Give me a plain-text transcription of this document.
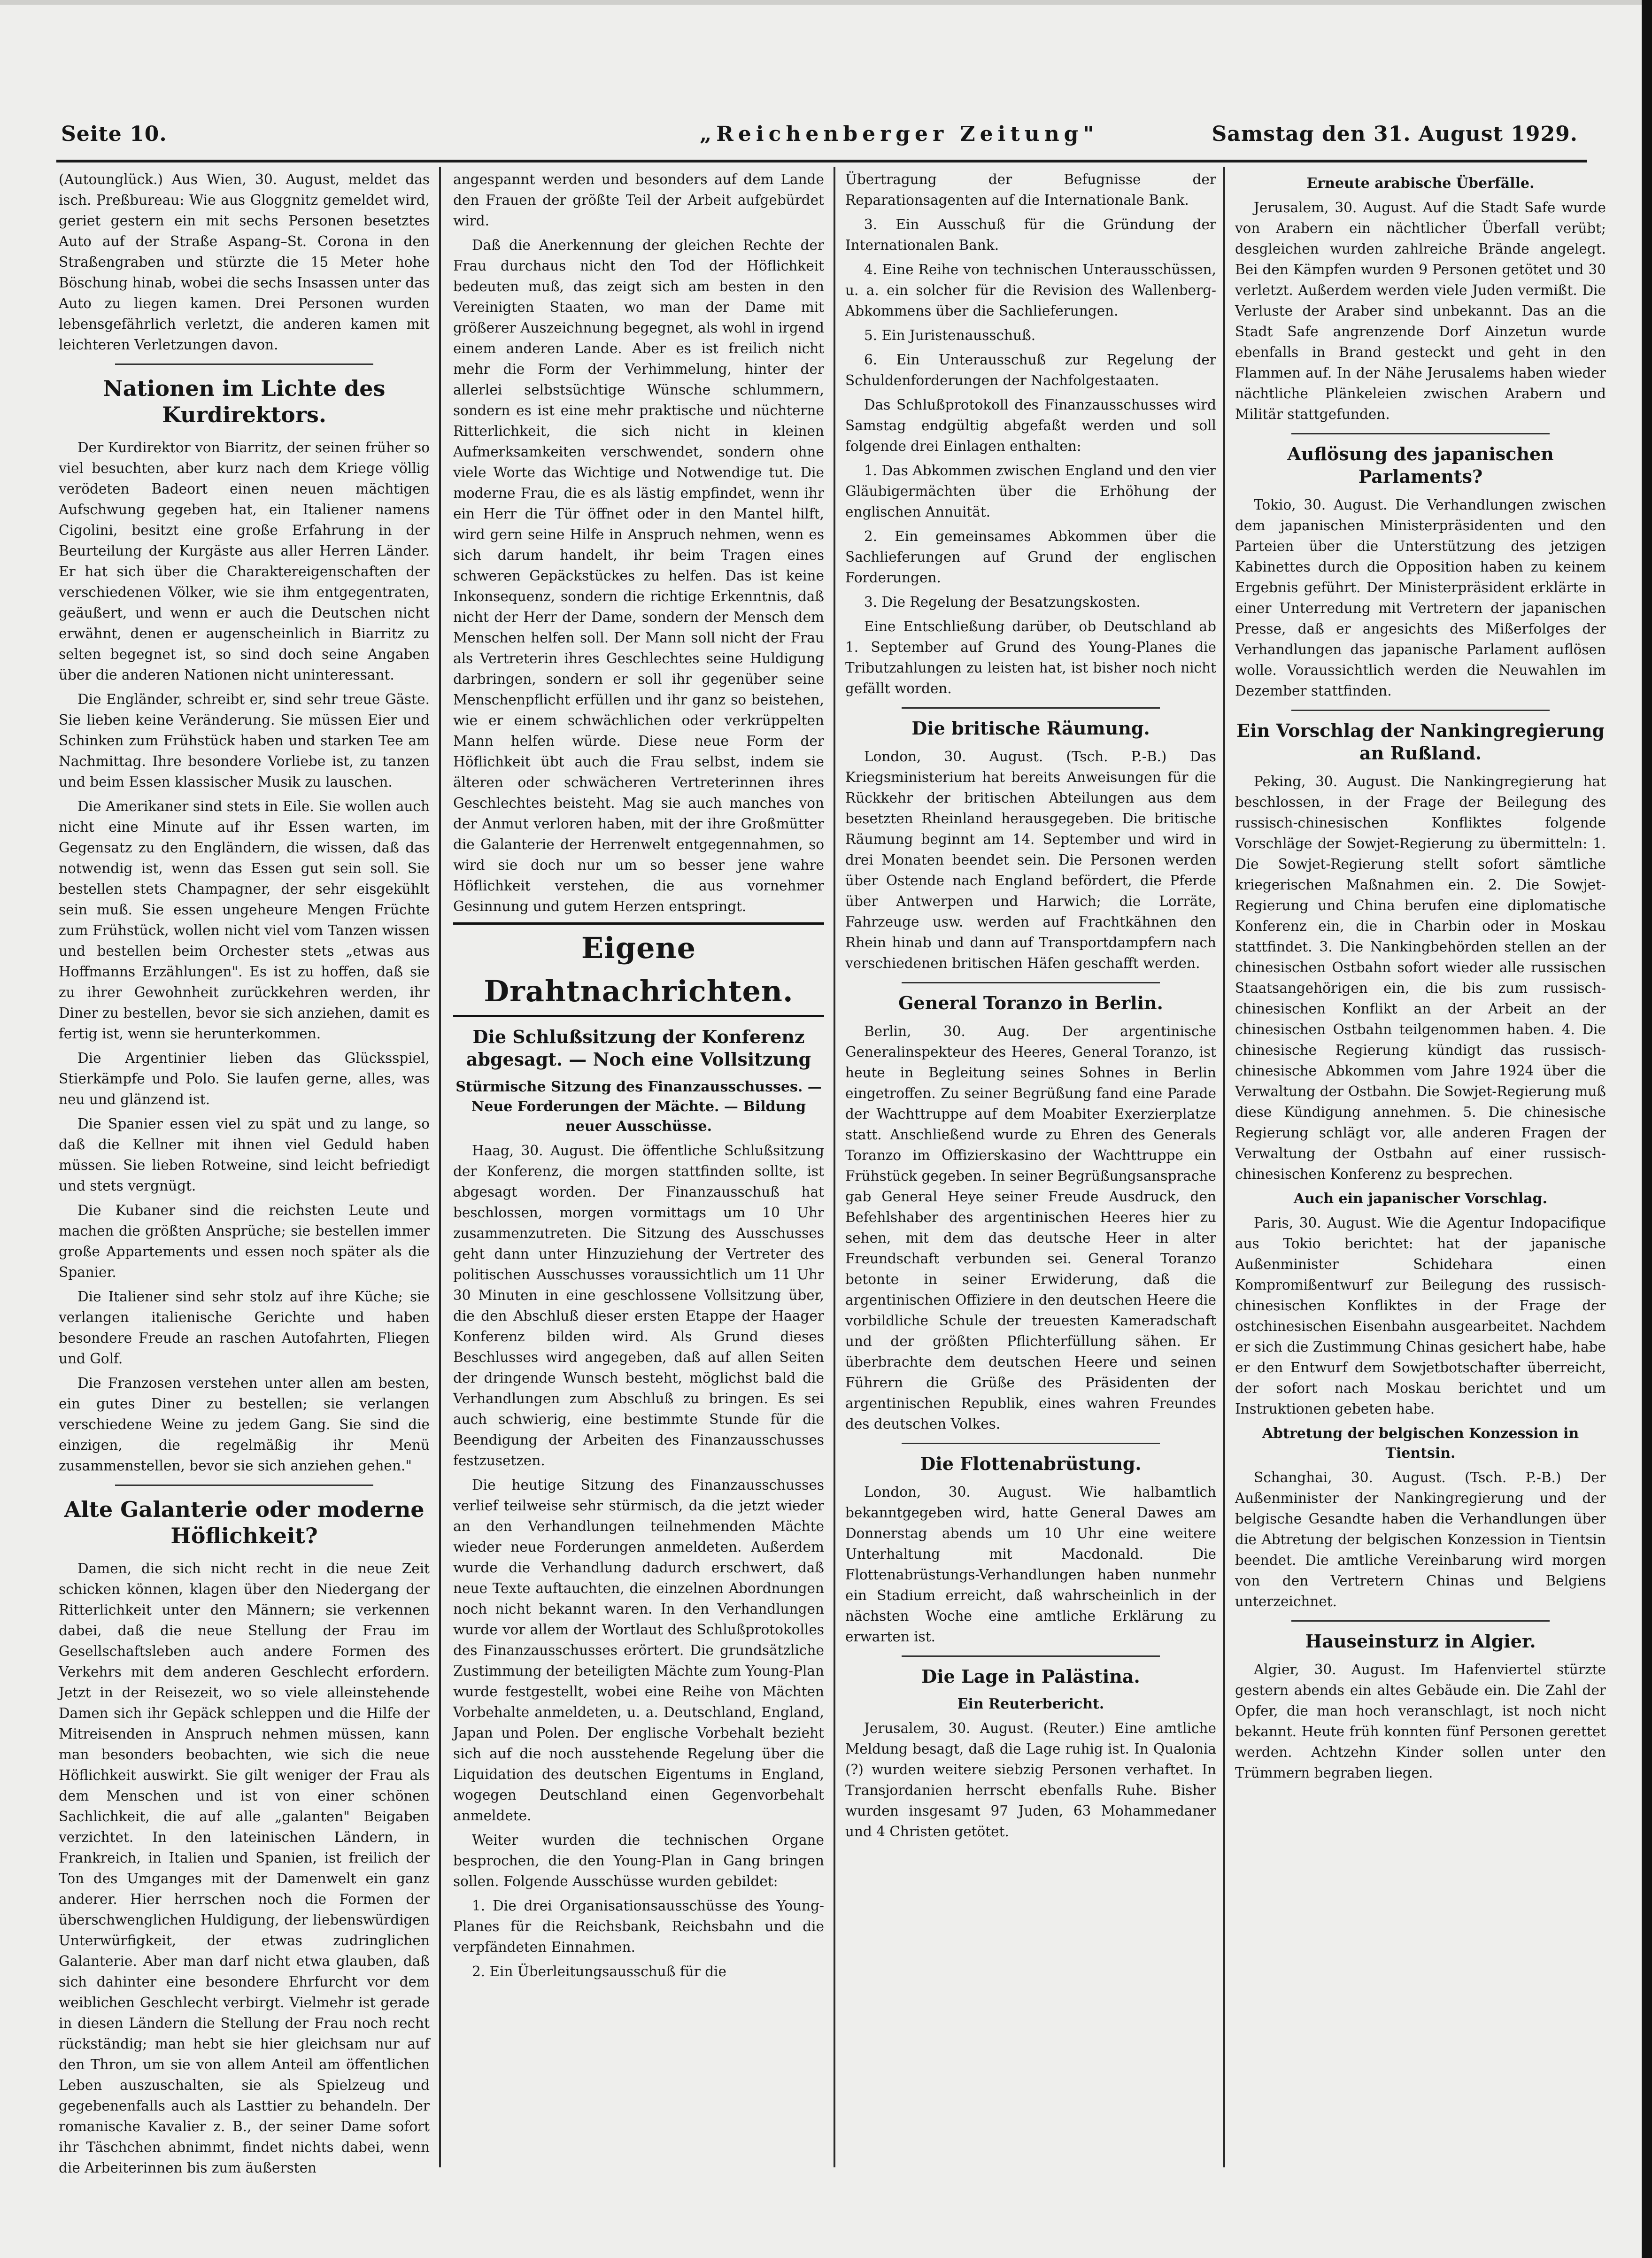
Seite 10.	„Reichenberger Zeitung"	Samstag den 31. August 1929.

(Autounglück.) Aus Wien, 30. August, meldet das isch. Preßbureau: Wie aus Gloggnitz gemeldet wird, geriet gestern ein mit sechs Personen besetztes Auto auf der Straße Aspang–St. Corona in den Straßengraben und stürzte die 15 Meter hohe Böschung hinab, wobei die sechs Insassen unter das Auto zu liegen kamen. Drei Personen wurden lebensgefährlich verletzt, die anderen kamen mit leichteren Verletzungen davon.

Nationen im Lichte des Kurdirektors.

Der Kurdirektor von Biarritz, der seinen früher so viel besuchten, aber kurz nach dem Kriege völlig verödeten Badeort einen neuen mächtigen Aufschwung gegeben hat, ein Italiener namens Cigolini, besitzt eine große Erfahrung in der Beurteilung der Kurgäste aus aller Herren Länder. Er hat sich über die Charaktereigenschaften der verschiedenen Völker, wie sie ihm entgegentraten, geäußert, und wenn er auch die Deutschen nicht erwähnt, denen er augenscheinlich in Biarritz zu selten begegnet ist, so sind doch seine Angaben über die anderen Nationen nicht uninteressant.

Die Engländer, schreibt er, sind sehr treue Gäste. Sie lieben keine Veränderung. Sie müssen Eier und Schinken zum Frühstück haben und starken Tee am Nachmittag. Ihre besondere Vorliebe ist, zu tanzen und beim Essen klassischer Musik zu lauschen.

Die Amerikaner sind stets in Eile. Sie wollen auch nicht eine Minute auf ihr Essen warten, im Gegensatz zu den Engländern, die wissen, daß das notwendig ist, wenn das Essen gut sein soll. Sie bestellen stets Champagner, der sehr eisgekühlt sein muß. Sie essen ungeheure Mengen Früchte zum Frühstück, wollen nicht viel vom Tanzen wissen und bestellen beim Orchester stets „etwas aus Hoffmanns Erzählungen". Es ist zu hoffen, daß sie zu ihrer Gewohnheit zurückkehren werden, ihr Diner zu bestellen, bevor sie sich anziehen, damit es fertig ist, wenn sie herunterkommen.

Die Argentinier lieben das Glücksspiel, Stierkämpfe und Polo. Sie laufen gerne, alles, was neu und glänzend ist.

Die Spanier essen viel zu spät und zu lange, so daß die Kellner mit ihnen viel Geduld haben müssen. Sie lieben Rotweine, sind leicht befriedigt und stets vergnügt.

Die Kubaner sind die reichsten Leute und machen die größten Ansprüche; sie bestellen immer große Appartements und essen noch später als die Spanier.

Die Italiener sind sehr stolz auf ihre Küche; sie verlangen italienische Gerichte und haben besondere Freude an raschen Autofahrten, Fliegen und Golf.

Die Franzosen verstehen unter allen am besten, ein gutes Diner zu bestellen; sie verlangen verschiedene Weine zu jedem Gang. Sie sind die einzigen, die regelmäßig ihr Menü zusammenstellen, bevor sie sich anziehen gehen."

Alte Galanterie oder moderne Höflichkeit?

Damen, die sich nicht recht in die neue Zeit schicken können, klagen über den Niedergang der Ritterlichkeit unter den Männern; sie verkennen dabei, daß die neue Stellung der Frau im Gesellschaftsleben auch andere Formen des Verkehrs mit dem anderen Geschlecht erfordern. Jetzt in der Reisezeit, wo so viele alleinstehende Damen sich ihr Gepäck schleppen und die Hilfe der Mitreisenden in Anspruch nehmen müssen, kann man besonders beobachten, wie sich die neue Höflichkeit auswirkt. Sie gilt weniger der Frau als dem Menschen und ist von einer schönen Sachlichkeit, die auf alle „galanten" Beigaben verzichtet. In den lateinischen Ländern, in Frankreich, in Italien und Spanien, ist freilich der Ton des Umganges mit der Damenwelt ein ganz anderer. Hier herrschen noch die Formen der überschwenglichen Huldigung, der liebenswürdigen Unterwürfigkeit, der etwas zudringlichen Galanterie. Aber man darf nicht etwa glauben, daß sich dahinter eine besondere Ehrfurcht vor dem weiblichen Geschlecht verbirgt. Vielmehr ist gerade in diesen Ländern die Stellung der Frau noch recht rückständig; man hebt sie hier gleichsam nur auf den Thron, um sie von allem Anteil am öffentlichen Leben auszuschalten, sie als Spielzeug und gegebenenfalls auch als Lasttier zu behandeln. Der romanische Kavalier z. B., der seiner Dame sofort ihr Täschchen abnimmt, findet nichts dabei, wenn die Arbeiterinnen bis zum äußersten

angespannt werden und besonders auf dem Lande den Frauen der größte Teil der Arbeit aufgebürdet wird.

Daß die Anerkennung der gleichen Rechte der Frau durchaus nicht den Tod der Höflichkeit bedeuten muß, das zeigt sich am besten in den Vereinigten Staaten, wo man der Dame mit größerer Auszeichnung begegnet, als wohl in irgend einem anderen Lande. Aber es ist freilich nicht mehr die Form der Verhimmelung, hinter der allerlei selbstsüchtige Wünsche schlummern, sondern es ist eine mehr praktische und nüchterne Ritterlichkeit, die sich nicht in kleinen Aufmerksamkeiten verschwendet, sondern ohne viele Worte das Wichtige und Notwendige tut. Die moderne Frau, die es als lästig empfindet, wenn ihr ein Herr die Tür öffnet oder in den Mantel hilft, wird gern seine Hilfe in Anspruch nehmen, wenn es sich darum handelt, ihr beim Tragen eines schweren Gepäckstückes zu helfen. Das ist keine Inkonsequenz, sondern die richtige Erkenntnis, daß nicht der Herr der Dame, sondern der Mensch dem Menschen helfen soll. Der Mann soll nicht der Frau als Vertreterin ihres Geschlechtes seine Huldigung darbringen, sondern er soll ihr gegenüber seine Menschenpflicht erfüllen und ihr ganz so beistehen, wie er einem schwächlichen oder verkrüppelten Mann helfen würde. Diese neue Form der Höflichkeit übt auch die Frau selbst, indem sie älteren oder schwächeren Vertreterinnen ihres Geschlechtes beisteht. Mag sie auch manches von der Anmut verloren haben, mit der ihre Großmütter die Galanterie der Herrenwelt entgegennahmen, so wird sie doch nur um so besser jene wahre Höflichkeit verstehen, die aus vornehmer Gesinnung und gutem Herzen entspringt.

Eigene Drahtnachrichten.
Die Schlußsitzung der Konferenz abgesagt. — Noch eine Vollsitzung
Stürmische Sitzung des Finanzausschusses. — Neue Forderungen der Mächte. — Bildung neuer Ausschüsse.

Haag, 30. August. Die öffentliche Schlußsitzung der Konferenz, die morgen stattfinden sollte, ist abgesagt worden. Der Finanzausschuß hat beschlossen, morgen vormittags um 10 Uhr zusammenzutreten. Die Sitzung des Ausschusses geht dann unter Hinzuziehung der Vertreter des politischen Ausschusses voraussichtlich um 11 Uhr 30 Minuten in eine geschlossene Vollsitzung über, die den Abschluß dieser ersten Etappe der Haager Konferenz bilden wird. Als Grund dieses Beschlusses wird angegeben, daß auf allen Seiten der dringende Wunsch besteht, möglichst bald die Verhandlungen zum Abschluß zu bringen. Es sei auch schwierig, eine bestimmte Stunde für die Beendigung der Arbeiten des Finanzausschusses festzusetzen.

Die heutige Sitzung des Finanzausschusses verlief teilweise sehr stürmisch, da die jetzt wieder an den Verhandlungen teilnehmenden Mächte wieder neue Forderungen anmeldeten. Außerdem wurde die Verhandlung dadurch erschwert, daß neue Texte auftauchten, die einzelnen Abordnungen noch nicht bekannt waren. In den Verhandlungen wurde vor allem der Wortlaut des Schlußprotokolles des Finanzausschusses erörtert. Die grundsätzliche Zustimmung der beteiligten Mächte zum Young-Plan wurde festgestellt, wobei eine Reihe von Mächten Vorbehalte anmeldeten, u. a. Deutschland, England, Japan und Polen. Der englische Vorbehalt bezieht sich auf die noch ausstehende Regelung über die Liquidation des deutschen Eigentums in England, wogegen Deutschland einen Gegenvorbehalt anmeldete.

Weiter wurden die technischen Organe besprochen, die den Young-Plan in Gang bringen sollen. Folgende Ausschüsse wurden gebildet:

1. Die drei Organisationsausschüsse des Young-Planes für die Reichsbank, Reichsbahn und die verpfändeten Einnahmen.

2. Ein Überleitungsausschuß für die

Übertragung der Befugnisse der Reparationsagenten auf die Internationale Bank.

3. Ein Ausschuß für die Gründung der Internationalen Bank.

4. Eine Reihe von technischen Unterausschüssen, u. a. ein solcher für die Revision des Wallenberg-Abkommens über die Sachlieferungen.

5. Ein Juristenausschuß.

6. Ein Unterausschuß zur Regelung der Schuldenforderungen der Nachfolgestaaten.

Das Schlußprotokoll des Finanzausschusses wird Samstag endgültig abgefaßt werden und soll folgende drei Einlagen enthalten:

1. Das Abkommen zwischen England und den vier Gläubigermächten über die Erhöhung der englischen Annuität.

2. Ein gemeinsames Abkommen über die Sachlieferungen auf Grund der englischen Forderungen.

3. Die Regelung der Besatzungskosten.

Eine Entschließung darüber, ob Deutschland ab 1. September auf Grund des Young-Planes die Tributzahlungen zu leisten hat, ist bisher noch nicht gefällt worden.

Die britische Räumung.

London, 30. August. (Tsch. P.-B.) Das Kriegsministerium hat bereits Anweisungen für die Rückkehr der britischen Abteilungen aus dem besetzten Rheinland herausgegeben. Die britische Räumung beginnt am 14. September und wird in drei Monaten beendet sein. Die Personen werden über Ostende nach England befördert, die Pferde über Antwerpen und Harwich; die Lorräte, Fahrzeuge usw. werden auf Frachtkähnen den Rhein hinab und dann auf Transportdampfern nach verschiedenen britischen Häfen geschafft werden.

General Toranzo in Berlin.

Berlin, 30. Aug. Der argentinische Generalinspekteur des Heeres, General Toranzo, ist heute in Begleitung seines Sohnes in Berlin eingetroffen. Zu seiner Begrüßung fand eine Parade der Wachttruppe auf dem Moabiter Exerzierplatze statt. Anschließend wurde zu Ehren des Generals Toranzo im Offizierskasino der Wachttruppe ein Frühstück gegeben. In seiner Begrüßungsansprache gab General Heye seiner Freude Ausdruck, den Befehlshaber des argentinischen Heeres hier zu sehen, mit dem das deutsche Heer in alter Freundschaft verbunden sei. General Toranzo betonte in seiner Erwiderung, daß die argentinischen Offiziere in den deutschen Heere die vorbildliche Schule der treuesten Kameradschaft und der größten Pflichterfüllung sähen. Er überbrachte dem deutschen Heere und seinen Führern die Grüße des Präsidenten der argentinischen Republik, eines wahren Freundes des deutschen Volkes.

Die Flottenabrüstung.

London, 30. August. Wie halbamtlich bekanntgegeben wird, hatte General Dawes am Donnerstag abends um 10 Uhr eine weitere Unterhaltung mit Macdonald. Die Flottenabrüstungs-Verhandlungen haben nunmehr ein Stadium erreicht, daß wahrscheinlich in der nächsten Woche eine amtliche Erklärung zu erwarten ist.

Die Lage in Palästina.
Ein Reuterbericht.

Jerusalem, 30. August. (Reuter.) Eine amtliche Meldung besagt, daß die Lage ruhig ist. In Qualonia (?) wurden weitere siebzig Personen verhaftet. In Transjordanien herrscht ebenfalls Ruhe. Bisher wurden insgesamt 97 Juden, 63 Mohammedaner und 4 Christen getötet.

Erneute arabische Überfälle.

Jerusalem, 30. August. Auf die Stadt Safe wurde von Arabern ein nächtlicher Überfall verübt; desgleichen wurden zahlreiche Brände angelegt. Bei den Kämpfen wurden 9 Personen getötet und 30 verletzt. Außerdem werden viele Juden vermißt. Die Verluste der Araber sind unbekannt. Das an die Stadt Safe angrenzende Dorf Ainzetun wurde ebenfalls in Brand gesteckt und geht in den Flammen auf. In der Nähe Jerusalems haben wieder nächtliche Plänkeleien zwischen Arabern und Militär stattgefunden.

Auflösung des japanischen Parlaments?

Tokio, 30. August. Die Verhandlungen zwischen dem japanischen Ministerpräsidenten und den Parteien über die Unterstützung des jetzigen Kabinettes durch die Opposition haben zu keinem Ergebnis geführt. Der Ministerpräsident erklärte in einer Unterredung mit Vertretern der japanischen Presse, daß er angesichts des Mißerfolges der Verhandlungen das japanische Parlament auflösen wolle. Voraussichtlich werden die Neuwahlen im Dezember stattfinden.

Ein Vorschlag der Nankingregierung an Rußland.

Peking, 30. August. Die Nankingregierung hat beschlossen, in der Frage der Beilegung des russisch-chinesischen Konfliktes folgende Vorschläge der Sowjet-Regierung zu übermitteln: 1. Die Sowjet-Regierung stellt sofort sämtliche kriegerischen Maßnahmen ein. 2. Die Sowjet-Regierung und China berufen eine diplomatische Konferenz ein, die in Charbin oder in Moskau stattfindet. 3. Die Nankingbehörden stellen an der chinesischen Ostbahn sofort wieder alle russischen Staatsangehörigen ein, die bis zum russisch-chinesischen Konflikt an der Arbeit an der chinesischen Ostbahn teilgenommen haben. 4. Die chinesische Regierung kündigt das russisch-chinesische Abkommen vom Jahre 1924 über die Verwaltung der Ostbahn. Die Sowjet-Regierung muß diese Kündigung annehmen. 5. Die chinesische Regierung schlägt vor, alle anderen Fragen der Verwaltung der Ostbahn auf einer russisch-chinesischen Konferenz zu besprechen.

Auch ein japanischer Vorschlag.

Paris, 30. August. Wie die Agentur Indopacifique aus Tokio berichtet: hat der japanische Außenminister Schidehara einen Kompromißentwurf zur Beilegung des russisch-chinesischen Konfliktes in der Frage der ostchinesischen Eisenbahn ausgearbeitet. Nachdem er sich die Zustimmung Chinas gesichert habe, habe er den Entwurf dem Sowjetbotschafter überreicht, der sofort nach Moskau berichtet und um Instruktionen gebeten habe.

Abtretung der belgischen Konzession in Tientsin.

Schanghai, 30. August. (Tsch. P.-B.) Der Außenminister der Nankingregierung und der belgische Gesandte haben die Verhandlungen über die Abtretung der belgischen Konzession in Tientsin beendet. Die amtliche Vereinbarung wird morgen von den Vertretern Chinas und Belgiens unterzeichnet.

Hauseinsturz in Algier.

Algier, 30. August. Im Hafenviertel stürzte gestern abends ein altes Gebäude ein. Die Zahl der Opfer, die man hoch veranschlagt, ist noch nicht bekannt. Heute früh konnten fünf Personen gerettet werden. Achtzehn Kinder sollen unter den Trümmern begraben liegen.
